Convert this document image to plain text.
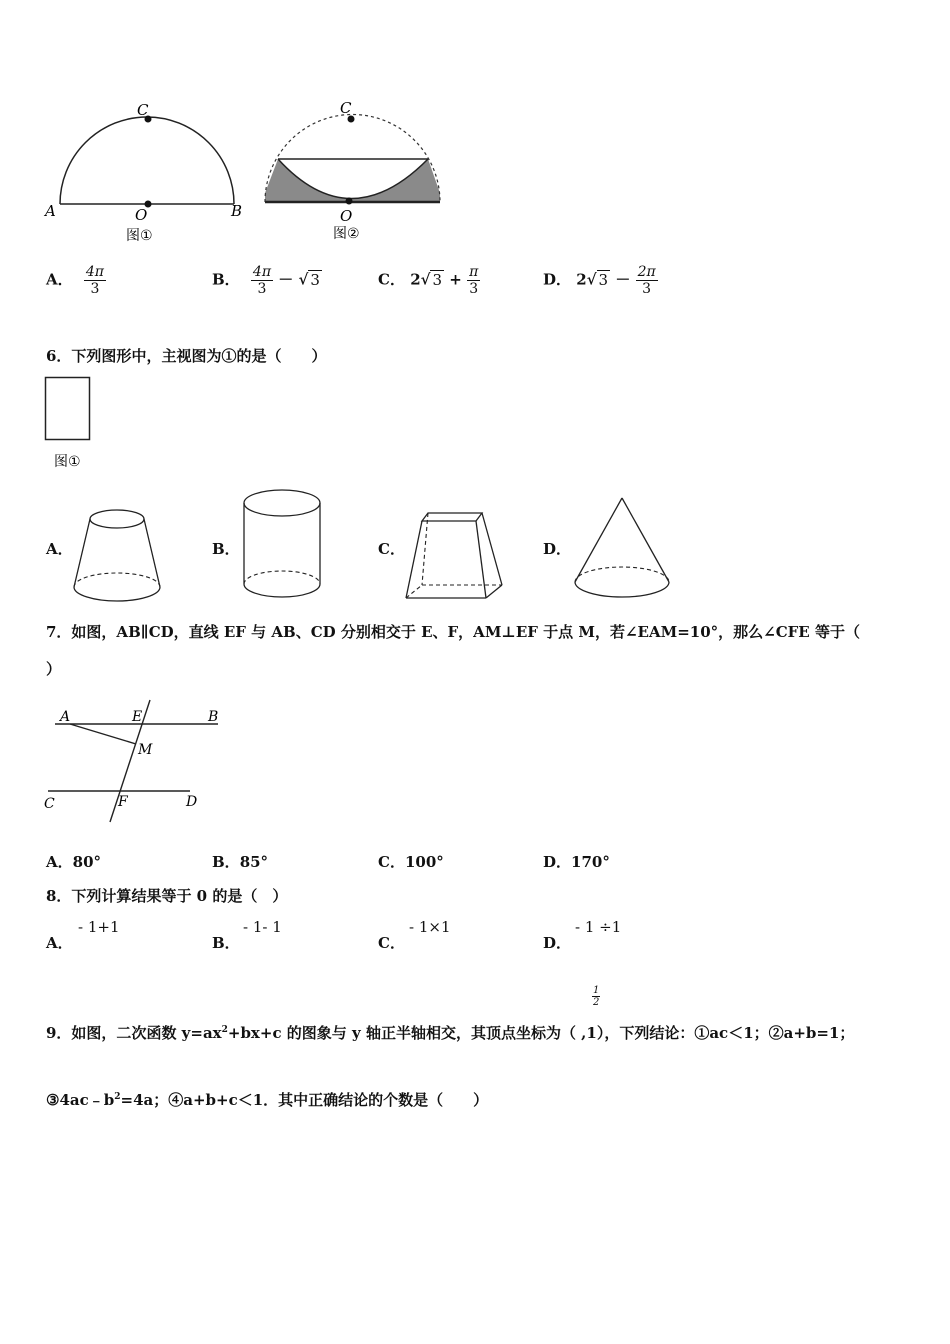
C
A	O	B
图①
C
O
图②
A． $\frac{4\pi}{3}$	B． $\frac{4\pi}{3}$ － √ 3	C． 2√ $3 + \frac{\pi}{3}$	D． 2√ $3 - \frac{2\pi}{3}$
6．下列图形中，主视图为①的是（　　）
图①
A．	B．	C．	D．
7．如图，AB∥CD，直线 EF 与 AB、CD 分别相交于 E、F，AM⊥EF 于点 M，若∠EAM=10°，那么∠CFE 等于（
）
A	E	B
M
C	F	D
A．80°	B．85°	C．100°	D．170°
8．下列计算结果等于 0 的是（　）
A．
- 1+1
B．
- 1- 1
C．
- 1×1
D．
- 1 ÷1
1
2
9．如图，二次函数 $y=ax^2+bx+c$ 的图象与 y 轴正半轴相交，其顶点坐标为（ ,1），下列结论：①ac＜1；②a+b=1；
$③4ac﹣b^2=4a$；④a+b+c＜1．其中正确结论的个数是（　　）
